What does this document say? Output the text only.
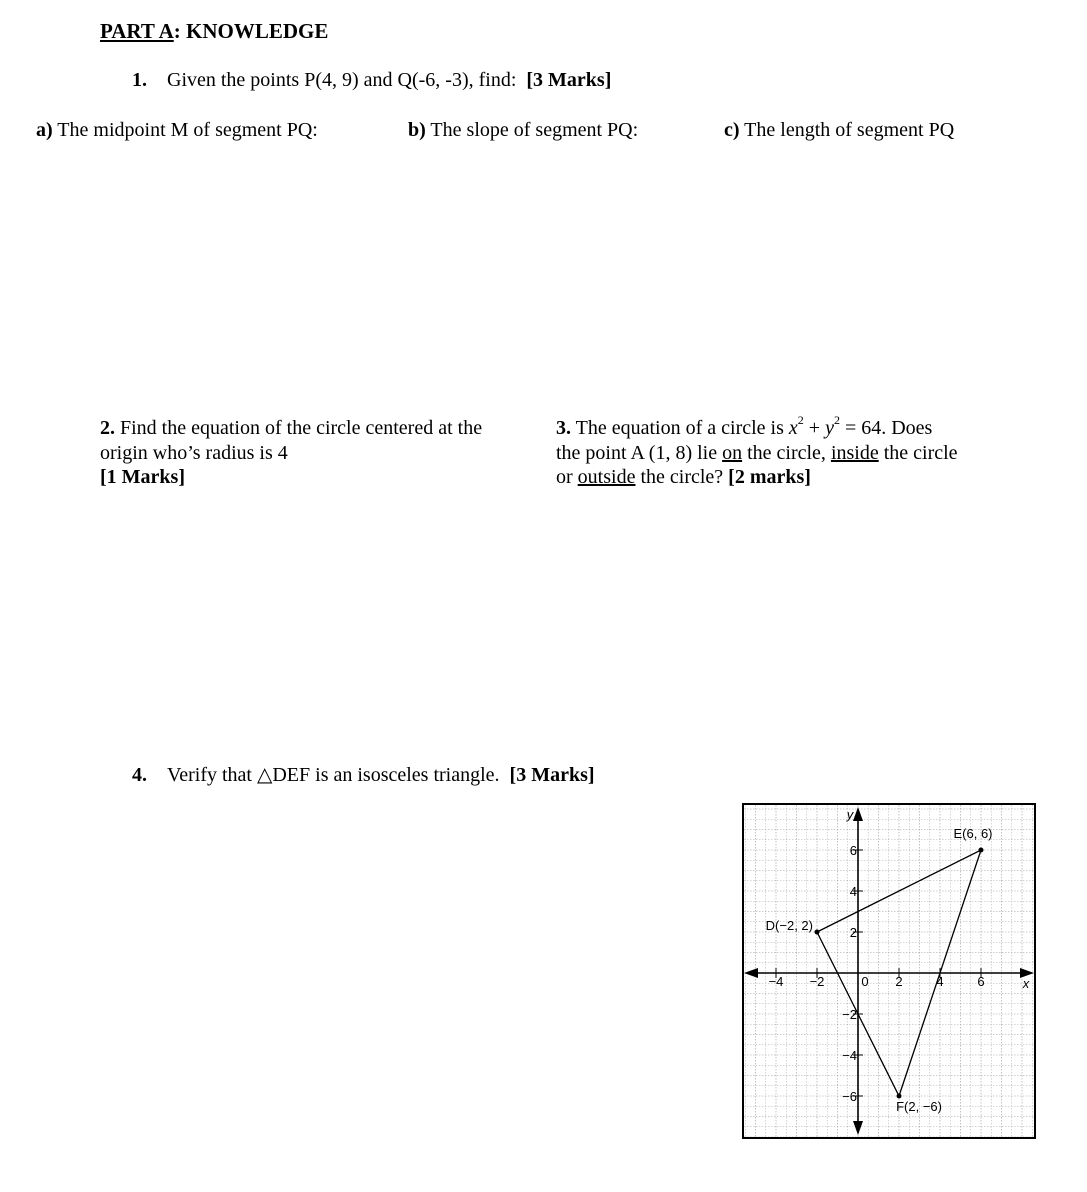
PART A: KNOWLEDGE
1. Given the points P(4, 9) and Q(-6, -3), find: [3 Marks]
a) The midpoint M of segment PQ:	b) The slope of segment PQ:	c) The length of segment PQ
2. Find the equation of the circle centered at the
origin who’s radius is 4
[1 Marks]
3. The equation of a circle is $x^2 + y^2 = 64$. Does
the point A (1, 8) lie on the circle, inside the circle
or outside the circle? [2 marks]
4. Verify that △DEF is an isosceles triangle. [3 Marks]
−4 −2	2	4	6
6
4
2
−2
−4
−6
0	x
y
D(−2, 2)
E(6, 6)
F(2, −6)
